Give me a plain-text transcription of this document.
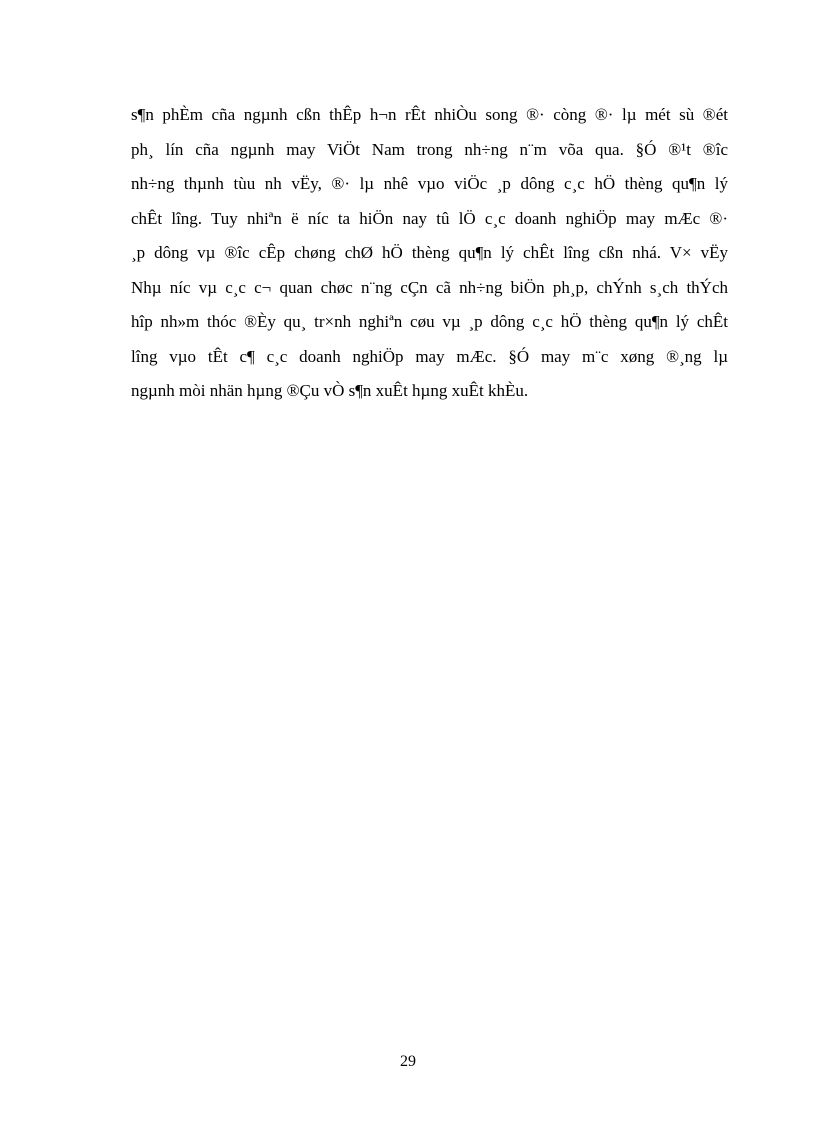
s¶n phÈm cña ngµnh cßn thÊp h¬n rÊt nhiÒu song ®· còng ®· lµ mét sù ®ét
ph¸ lín cña ngµnh may ViÖt Nam trong nh÷ng n¨m võa qua. §Ó ®¹t ®îc
nh÷ng thµnh tùu nh vËy, ®· lµ nhê vµo viÖc ¸p dông c¸c hÖ thèng qu¶n lý
chÊt lîng. Tuy nhiªn ë níc ta hiÖn nay tû lÖ c¸c doanh nghiÖp may mÆc ®·
¸p dông vµ ®îc cÊp chøng chØ hÖ thèng qu¶n lý chÊt lîng cßn nhá. V× vËy
Nhµ níc vµ c¸c c¬ quan chøc n¨ng cÇn cã nh÷ng biÖn ph¸p, chÝnh s¸ch thÝch
hîp nh»m thóc ®Èy qu¸ tr×nh nghiªn cøu vµ ¸p dông c¸c hÖ thèng qu¶n lý chÊt
lîng vµo tÊt c¶ c¸c doanh nghiÖp may mÆc. §Ó may m¨c xøng ®¸ng lµ
ngµnh mòi nhän hµng ®Çu vÒ s¶n xuÊt hµng xuÊt khÈu.
29
